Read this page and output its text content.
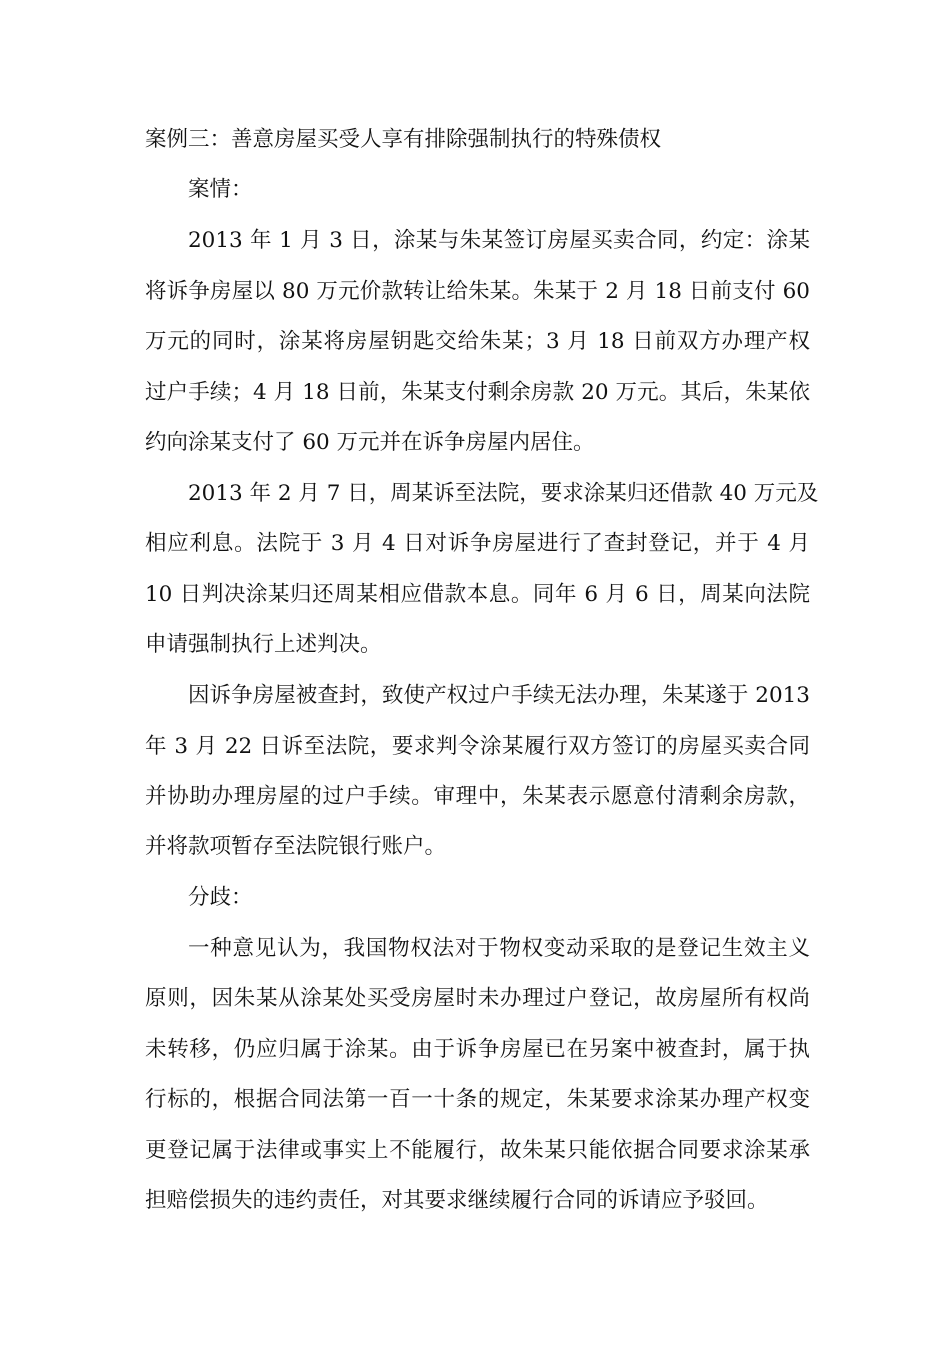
案例三：善意房屋买受人享有排除强制执行的特殊债权
案情：
2013 年 1 月 3 日，涂某与朱某签订房屋买卖合同，约定：涂某
将诉争房屋以 80 万元价款转让给朱某。朱某于 2 月 18 日前支付 60
万元的同时，涂某将房屋钥匙交给朱某；3 月 18 日前双方办理产权
过户手续；4 月 18 日前，朱某支付剩余房款 20 万元。其后，朱某依
约向涂某支付了 60 万元并在诉争房屋内居住。
2013 年 2 月 7 日，周某诉至法院，要求涂某归还借款 40 万元及
相应利息。法院于 3 月 4 日对诉争房屋进行了查封登记，并于 4 月
10 日判决涂某归还周某相应借款本息。同年 6 月 6 日，周某向法院
申请强制执行上述判决。
因诉争房屋被查封，致使产权过户手续无法办理，朱某遂于 2013
年 3 月 22 日诉至法院，要求判令涂某履行双方签订的房屋买卖合同
并协助办理房屋的过户手续。审理中，朱某表示愿意付清剩余房款，
并将款项暂存至法院银行账户。
分歧：
一种意见认为，我国物权法对于物权变动采取的是登记生效主义
原则，因朱某从涂某处买受房屋时未办理过户登记，故房屋所有权尚
未转移，仍应归属于涂某。由于诉争房屋已在另案中被查封，属于执
行标的，根据合同法第一百一十条的规定，朱某要求涂某办理产权变
更登记属于法律或事实上不能履行，故朱某只能依据合同要求涂某承
担赔偿损失的违约责任，对其要求继续履行合同的诉请应予驳回。
